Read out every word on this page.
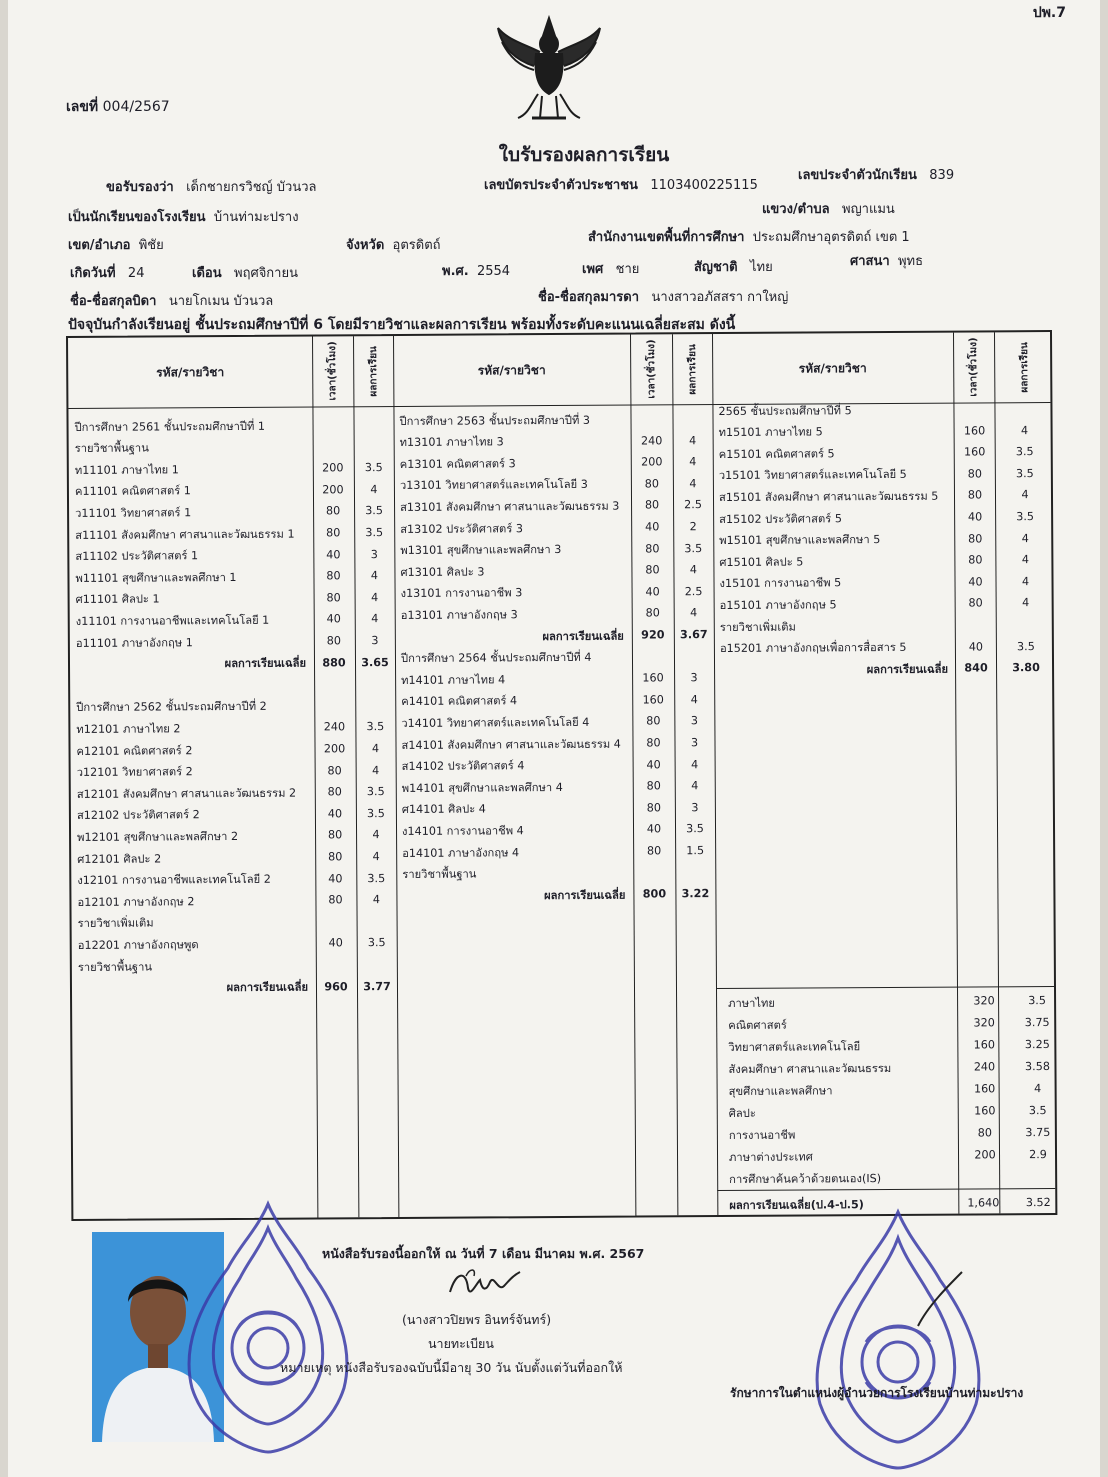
ปพ.7
เลขที่ 004/2567
ใบรับรองผลการเรียน
ขอรับรองว่า เด็กชายกรวิชญ์ บัวนวล	เลขบัตรประจำตัวประชาชน 1103400225115
เลขประจำตัวนักเรียน 839
เป็นนักเรียนของโรงเรียน บ้านท่ามะปราง
แขวง/ตำบล พญาแมน
เขต/อำเภอ พิชัย	จังหวัด อุตรดิตถ์
สำนักงานเขตพื้นที่การศึกษา ประถมศึกษาอุตรดิตถ์ เขต 1
เกิดวันที่ 24	เดือน พฤศจิกายน	พ.ศ. 2554	เพศ ชาย	สัญชาติ ไทย	ศาสนา พุทธ
ชื่อ-ชื่อสกุลบิดา นายโกเมน บัวนวล	ชื่อ-ชื่อสกุลมารดา นางสาวอภัสสรา กาใหญ่
ปัจจุบันกำลังเรียนอยู่ ชั้นประถมศึกษาปีที่ 6 โดยมีรายวิชาและผลการเรียน พร้อมทั้งระดับคะแนนเฉลี่ยสะสม ดังนี้
รหัส/รายวิชา	เวลา(ชั่วโมง)	ผลการเรียน	รหัส/รายวิชา	เวลา(ชั่วโมง)	ผลการเรียน	รหัส/รายวิชา	เวลา(ชั่วโมง)	ผลการเรียน
ปีการศึกษา 2561 ชั้นประถมศึกษาปีที่ 1
รายวิชาพื้นฐาน
ท11101 ภาษาไทย 1	200	3.5
ค11101 คณิตศาสตร์ 1	200	4
ว11101 วิทยาศาสตร์ 1	80	3.5
ส11101 สังคมศึกษา ศาสนาและวัฒนธรรม 1	80	3.5
ส11102 ประวัติศาสตร์ 1	40	3
พ11101 สุขศึกษาและพลศึกษา 1	80	4
ศ11101 ศิลปะ 1	80	4
ง11101 การงานอาชีพและเทคโนโลยี 1	40	4
อ11101 ภาษาอังกฤษ 1	80	3
ผลการเรียนเฉลี่ย	880	3.65
ปีการศึกษา 2562 ชั้นประถมศึกษาปีที่ 2
ท12101 ภาษาไทย 2	240	3.5
ค12101 คณิตศาสตร์ 2	200	4
ว12101 วิทยาศาสตร์ 2	80	4
ส12101 สังคมศึกษา ศาสนาและวัฒนธรรม 2	80	3.5
ส12102 ประวัติศาสตร์ 2	40	3.5
พ12101 สุขศึกษาและพลศึกษา 2	80	4
ศ12101 ศิลปะ 2	80	4
ง12101 การงานอาชีพและเทคโนโลยี 2	40	3.5
อ12101 ภาษาอังกฤษ 2	80	4
รายวิชาเพิ่มเติม
อ12201 ภาษาอังกฤษพูด	40	3.5
รายวิชาพื้นฐาน
ผลการเรียนเฉลี่ย	960	3.77
ปีการศึกษา 2563 ชั้นประถมศึกษาปีที่ 3
ท13101 ภาษาไทย 3	240	4
ค13101 คณิตศาสตร์ 3	200	4
ว13101 วิทยาศาสตร์และเทคโนโลยี 3	80	4
ส13101 สังคมศึกษา ศาสนาและวัฒนธรรม 3	80	2.5
ส13102 ประวัติศาสตร์ 3	40	2
พ13101 สุขศึกษาและพลศึกษา 3	80	3.5
ศ13101 ศิลปะ 3	80	4
ง13101 การงานอาชีพ 3	40	2.5
อ13101 ภาษาอังกฤษ 3	80	4
ผลการเรียนเฉลี่ย	920	3.67
ปีการศึกษา 2564 ชั้นประถมศึกษาปีที่ 4
ท14101 ภาษาไทย 4	160	3
ค14101 คณิตศาสตร์ 4	160	4
ว14101 วิทยาศาสตร์และเทคโนโลยี 4	80	3
ส14101 สังคมศึกษา ศาสนาและวัฒนธรรม 4	80	3
ส14102 ประวัติศาสตร์ 4	40	4
พ14101 สุขศึกษาและพลศึกษา 4	80	4
ศ14101 ศิลปะ 4	80	3
ง14101 การงานอาชีพ 4	40	3.5
อ14101 ภาษาอังกฤษ 4	80	1.5
รายวิชาพื้นฐาน
ผลการเรียนเฉลี่ย	800	3.22
2565 ชั้นประถมศึกษาปีที่ 5
ท15101 ภาษาไทย 5	160	4
ค15101 คณิตศาสตร์ 5	160	3.5
ว15101 วิทยาศาสตร์และเทคโนโลยี 5	80	3.5
ส15101 สังคมศึกษา ศาสนาและวัฒนธรรม 5	80	4
ส15102 ประวัติศาสตร์ 5	40	3.5
พ15101 สุขศึกษาและพลศึกษา 5	80	4
ศ15101 ศิลปะ 5	80	4
ง15101 การงานอาชีพ 5	40	4
อ15101 ภาษาอังกฤษ 5	80	4
รายวิชาเพิ่มเติม
อ15201 ภาษาอังกฤษเพื่อการสื่อสาร 5	40	3.5
ผลการเรียนเฉลี่ย	840	3.80
ภาษาไทย	320	3.5
คณิตศาสตร์	320	3.75
วิทยาศาสตร์และเทคโนโลยี	160	3.25
สังคมศึกษา ศาสนาและวัฒนธรรม	240	3.58
สุขศึกษาและพลศึกษา	160	4
ศิลปะ	160	3.5
การงานอาชีพ	80	3.75
ภาษาต่างประเทศ	200	2.9
การศึกษาค้นคว้าด้วยตนเอง(IS)
ผลการเรียนเฉลี่ย(ป.4-ป.5)	1,640	3.52
หนังสือรับรองนี้ออกให้ ณ วันที่ 7 เดือน มีนาคม พ.ศ. 2567
(นางสาวปิยพร อินทร์จันทร์)
นายทะเบียน
หมายเหตุ หนังสือรับรองฉบับนี้มีอายุ 30 วัน นับตั้งแต่วันที่ออกให้
รักษาการในตำแหน่งผู้อำนวยการโรงเรียนบ้านท่ามะปราง
